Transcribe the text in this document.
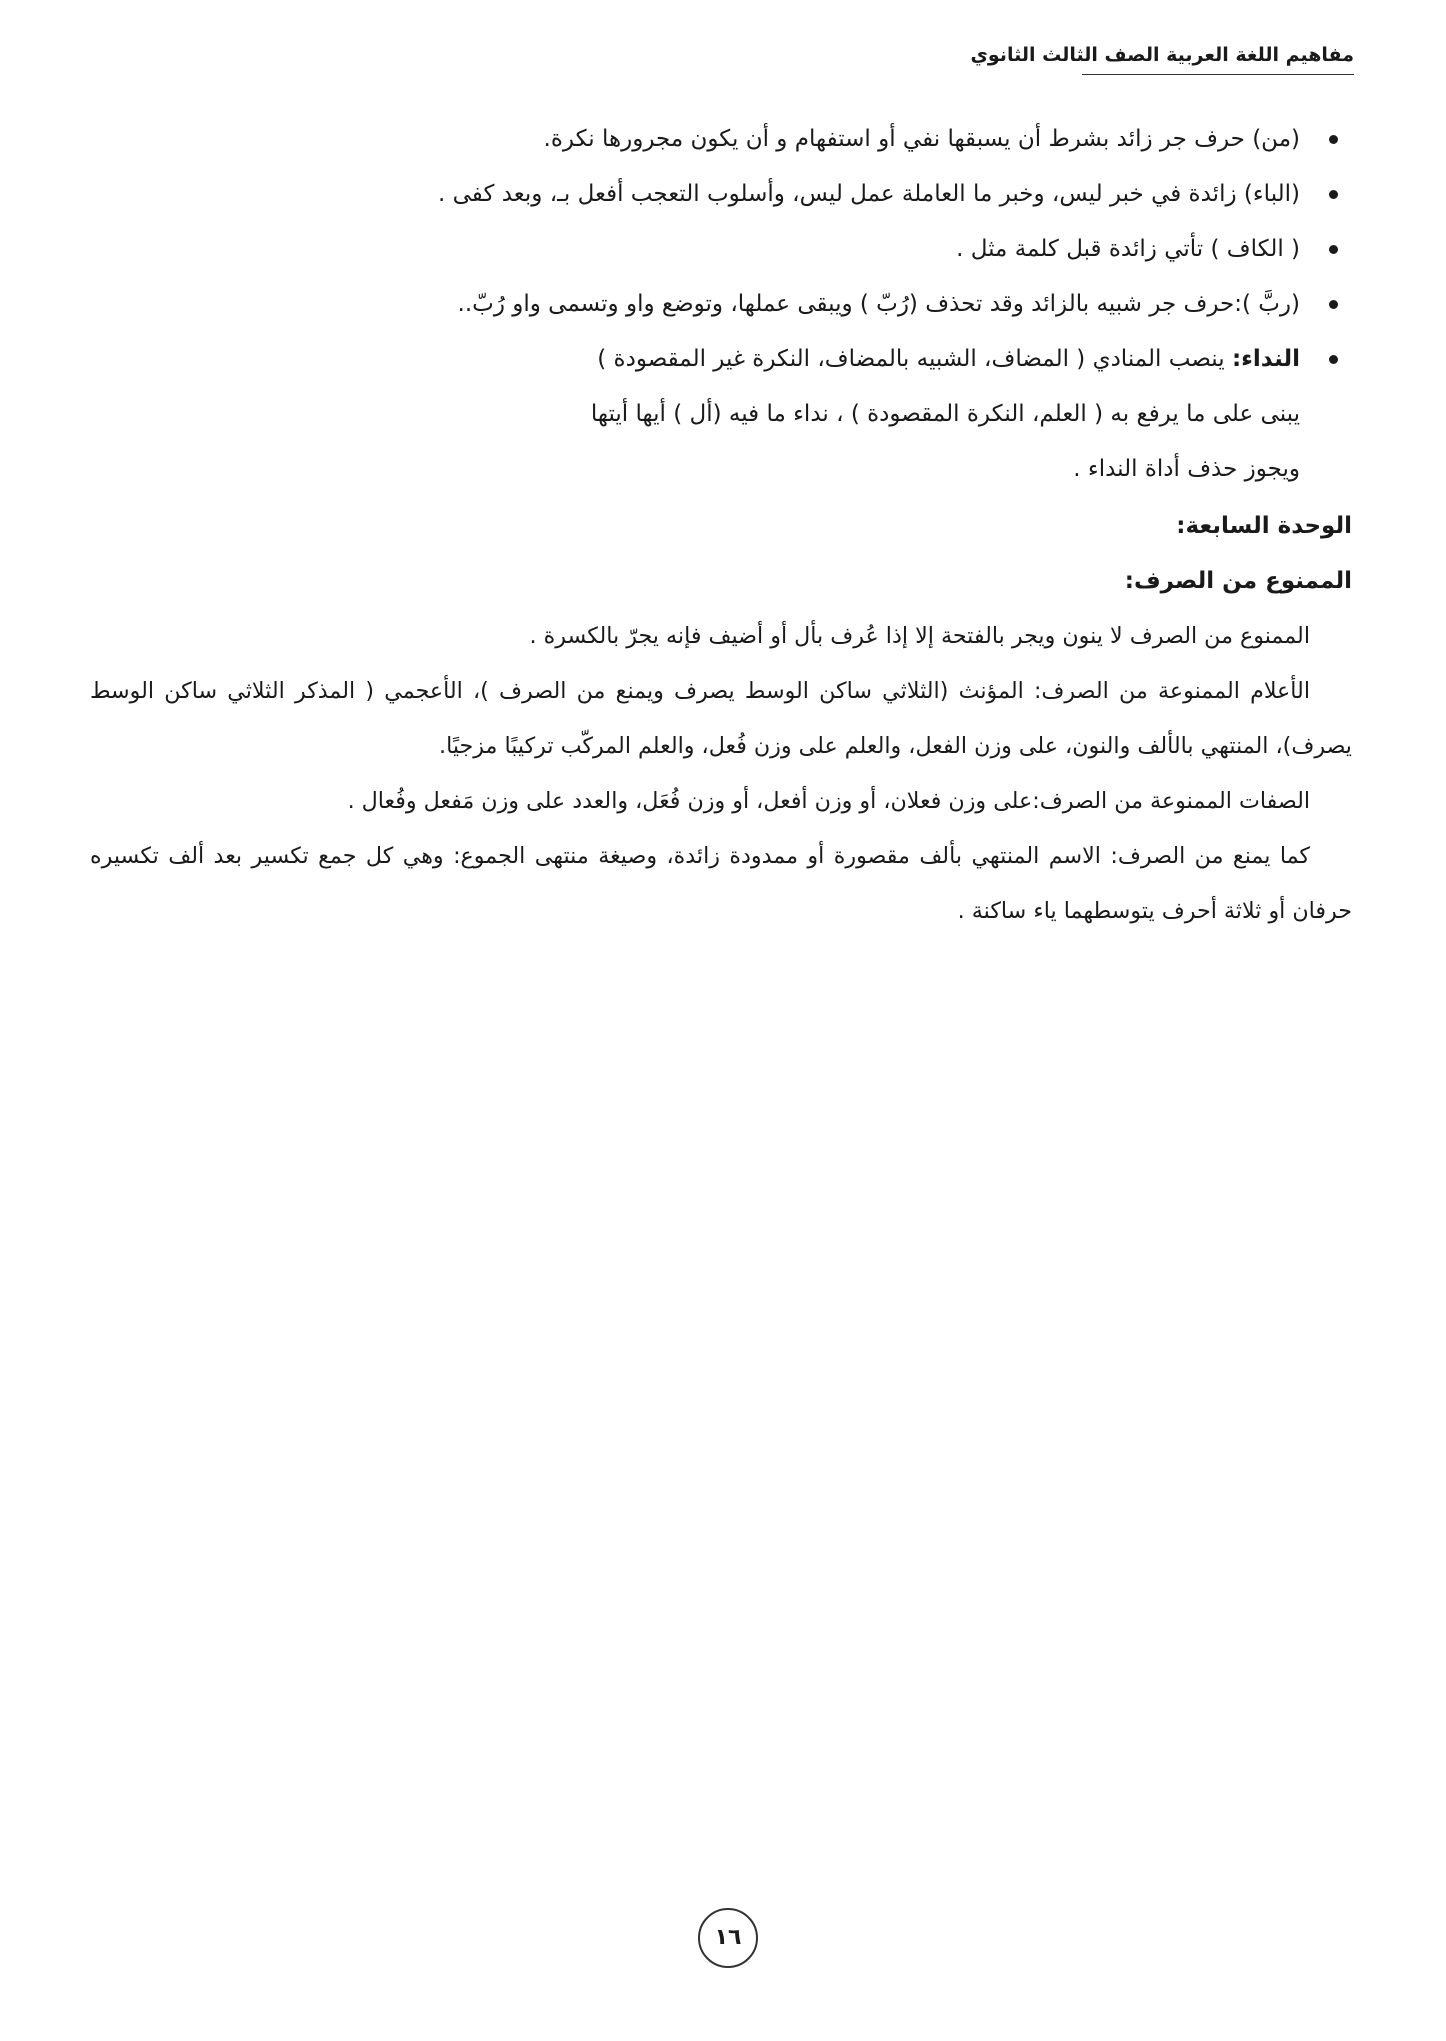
مفاهيم اللغة العربية الصف الثالث الثانوي
(من) حرف جر زائد بشرط أن يسبقها نفي أو استفهام و أن يكون مجرورها نكرة.
(الباء) زائدة في خبر ليس، وخبر ما العاملة عمل ليس، وأسلوب التعجب أفعل بـ، وبعد كفى .
( الكاف ) تأتي زائدة قبل كلمة مثل .
(ربَّ ):حرف جر شبيه بالزائد وقد تحذف (رُبّ ) ويبقى عملها، وتوضع واو وتسمى واو رُبّ..
النداء: ينصب المنادي ( المضاف، الشبيه بالمضاف، النكرة غير المقصودة )
يبنى على ما يرفع به ( العلم، النكرة المقصودة ) ، نداء ما فيه (أل ) أيها أيتها
ويجوز حذف أداة النداء .
الوحدة السابعة:
الممنوع من الصرف:

الممنوع من الصرف لا ينون ويجر بالفتحة إلا إذا عُرف بأل أو أضيف فإنه يجرّ بالكسرة .

الأعلام الممنوعة من الصرف: المؤنث (الثلاثي ساكن الوسط يصرف ويمنع من الصرف )، الأعجمي ( المذكر الثلاثي ساكن الوسط يصرف)، المنتهي بالألف والنون، على وزن الفعل، والعلم على وزن فُعل، والعلم المركّب تركيبًا مزجيًا.

الصفات الممنوعة من الصرف:على وزن فعلان، أو وزن أفعل، أو وزن فُعَل، والعدد على وزن مَفعل وفُعال .

كما يمنع من الصرف: الاسم المنتهي بألف مقصورة أو ممدودة زائدة، وصيغة منتهى الجموع: وهي كل جمع تكسير بعد ألف تكسيره حرفان أو ثلاثة أحرف يتوسطهما ياء ساكنة .

١٦
